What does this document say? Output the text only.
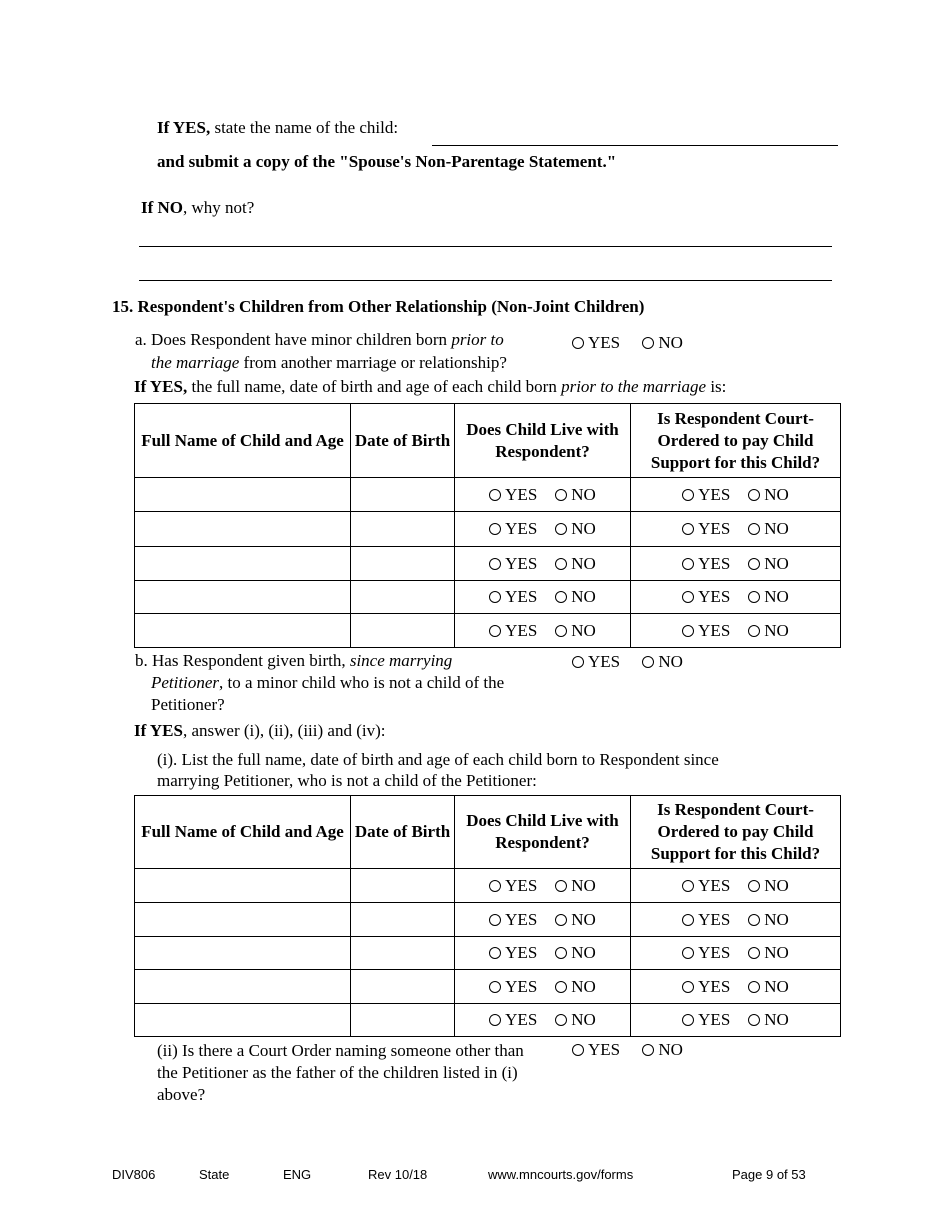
If YES, state the name of the child:
and submit a copy of the "Spouse's Non-Parentage Statement."
If NO, why not?
15. Respondent's Children from Other Relationship (Non-Joint Children)
a. Does Respondent have minor children born prior to
the marriage from another marriage or relationship?
YES NO
If YES, the full name, date of birth and age of each child born prior to the marriage is:
Full Name of Child and Age	Date of Birth	Does Child Live with Respondent?	Is Respondent Court-Ordered to pay Child Support for this Child?
		YES NO	YES NO
		YES NO	YES NO
		YES NO	YES NO
		YES NO	YES NO
		YES NO	YES NO
b. Has Respondent given birth, since marrying
Petitioner, to a minor child who is not a child of the
Petitioner?
YES NO
If YES, answer (i), (ii), (iii) and (iv):
(i). List the full name, date of birth and age of each child born to Respondent since
marrying Petitioner, who is not a child of the Petitioner:
Full Name of Child and Age	Date of Birth	Does Child Live with Respondent?	Is Respondent Court-Ordered to pay Child Support for this Child?
		YES NO	YES NO
		YES NO	YES NO
		YES NO	YES NO
		YES NO	YES NO
		YES NO	YES NO
(ii) Is there a Court Order naming someone other than
the Petitioner as the father of the children listed in (i)
above?
YES NO
DIV806	State	ENG	Rev 10/18	www.mncourts.gov/forms	Page 9 of 53
